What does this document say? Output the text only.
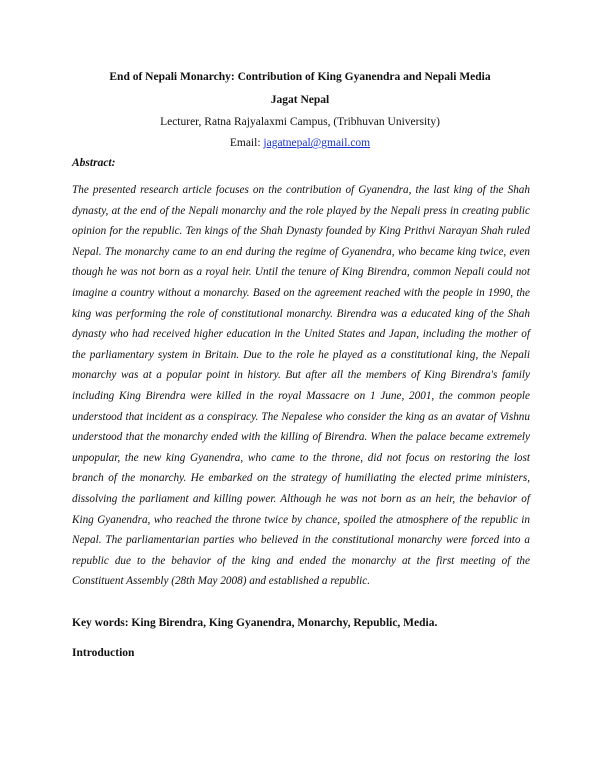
End of Nepali Monarchy: Contribution of King Gyanendra and Nepali Media

Jagat Nepal

Lecturer, Ratna Rajyalaxmi Campus, (Tribhuvan University)

Email: jagatnepal@gmail.com

Abstract:

The presented research article focuses on the contribution of Gyanendra, the last king of the Shah dynasty, at the end of the Nepali monarchy and the role played by the Nepali press in creating public opinion for the republic. Ten kings of the Shah Dynasty founded by King Prithvi Narayan Shah ruled Nepal. The monarchy came to an end during the regime of Gyanendra, who became king twice, even though he was not born as a royal heir. Until the tenure of King Birendra, common Nepali could not imagine a country without a monarchy. Based on the agreement reached with the people in 1990, the king was performing the role of constitutional monarchy. Birendra was a educated king of the Shah dynasty who had received higher education in the United States and Japan, including the mother of the parliamentary system in Britain. Due to the role he played as a constitutional king, the Nepali monarchy was at a popular point in history. But after all the members of King Birendra's family including King Birendra were killed in the royal Massacre on 1 June, 2001, the common people understood that incident as a conspiracy. The Nepalese who consider the king as an avatar of Vishnu understood that the monarchy ended with the killing of Birendra. When the palace became extremely unpopular, the new king Gyanendra, who came to the throne, did not focus on restoring the lost branch of the monarchy. He embarked on the strategy of humiliating the elected prime ministers, dissolving the parliament and killing power. Although he was not born as an heir, the behavior of King Gyanendra, who reached the throne twice by chance, spoiled the atmosphere of the republic in Nepal. The parliamentarian parties who believed in the constitutional monarchy were forced into a republic due to the behavior of the king and ended the monarchy at the first meeting of the Constituent Assembly (28th May 2008) and established a republic.

Key words: King Birendra, King Gyanendra, Monarchy, Republic, Media.

Introduction
